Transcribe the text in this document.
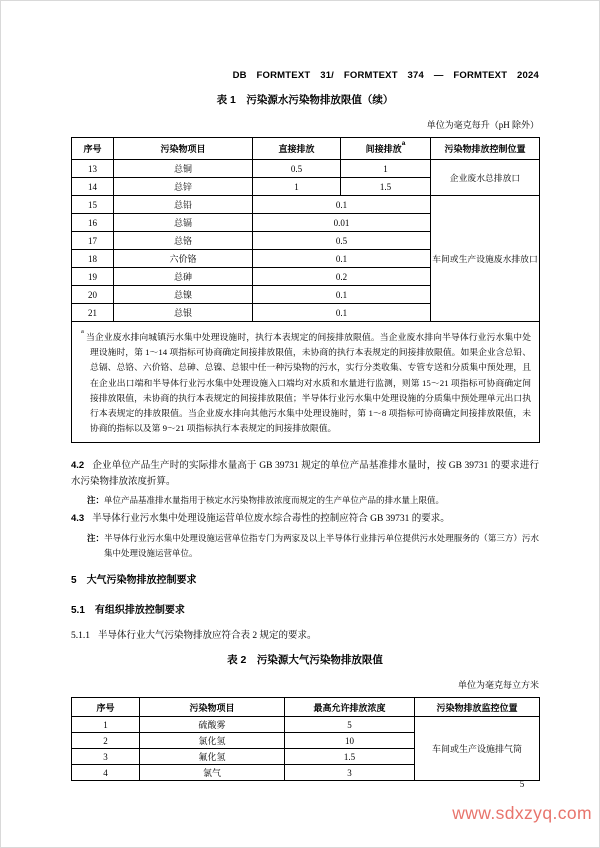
DB FORMTEXT 31/ FORMTEXT 374 — FORMTEXT 2024
表 1　污染源水污染物排放限值（续）
单位为毫克每升（pH 除外）
序号	污染物项目	直接排放	间接排放$^a$	污染物排放控制位置
13	总铜	0.5	1	企业废水总排放口
14	总锌	1	1.5	
15	总铅	0.1		车间或生产设施废水排放口
16	总镉	0.01		
17	总铬	0.5		
18	六价铬	0.1		
19	总砷	0.2		
20	总镍	0.1		
21	总银	0.1		
$^a$当企业废水排向城镇污水集中处理设施时，执行本表规定的间接排放限值。当企业废水排向半导体行业污水集中处理设施时，第 1～14 项指标可协商确定间接排放限值，未协商的执行本表规定的间接排放限值。如果企业含总铅、总镉、总铬、六价铬、总砷、总镍、总银中任一种污染物的污水，实行分类收集、专管专送和分质集中预处理，且在企业出口端和半导体行业污水集中处理设施入口端均对水质和水量进行监测，则第 15～21 项指标可协商确定间接排放限值，未协商的执行本表规定的间接排放限值；半导体行业污水集中处理设施的分质集中预处理单元出口执行本表规定的排放限值。当企业废水排向其他污水集中处理设施时，第 1～8 项指标可协商确定间接排放限值，未协商的指标以及第 9～21 项指标执行本表规定的间接排放限值。				

4.2 企业单位产品生产时的实际排水量高于 GB 39731 规定的单位产品基准排水量时，按 GB 39731 的要求进行水污染物排放浓度折算。

注：单位产品基准排水量指用于核定水污染物排放浓度而规定的生产单位产品的排水量上限值。

4.3 半导体行业污水集中处理设施运营单位废水综合毒性的控制应符合 GB 39731 的要求。

注：半导体行业污水集中处理设施运营单位指专门为两家及以上半导体行业排污单位提供污水处理服务的（第三方）污水集中处理设施运营单位。

5 大气污染物排放控制要求
5.1 有组织排放控制要求

5.1.1 半导体行业大气污染物排放应符合表 2 规定的要求。

表 2　污染源大气污染物排放限值
单位为毫克每立方米
序号	污染物项目	最高允许排放浓度	污染物排放监控位置
1	硫酸雾	5	车间或生产设施排气筒
2	氯化氢	10	
3	氟化氢	1.5	
4	氯气	3	
5
www.sdxzyq.com
